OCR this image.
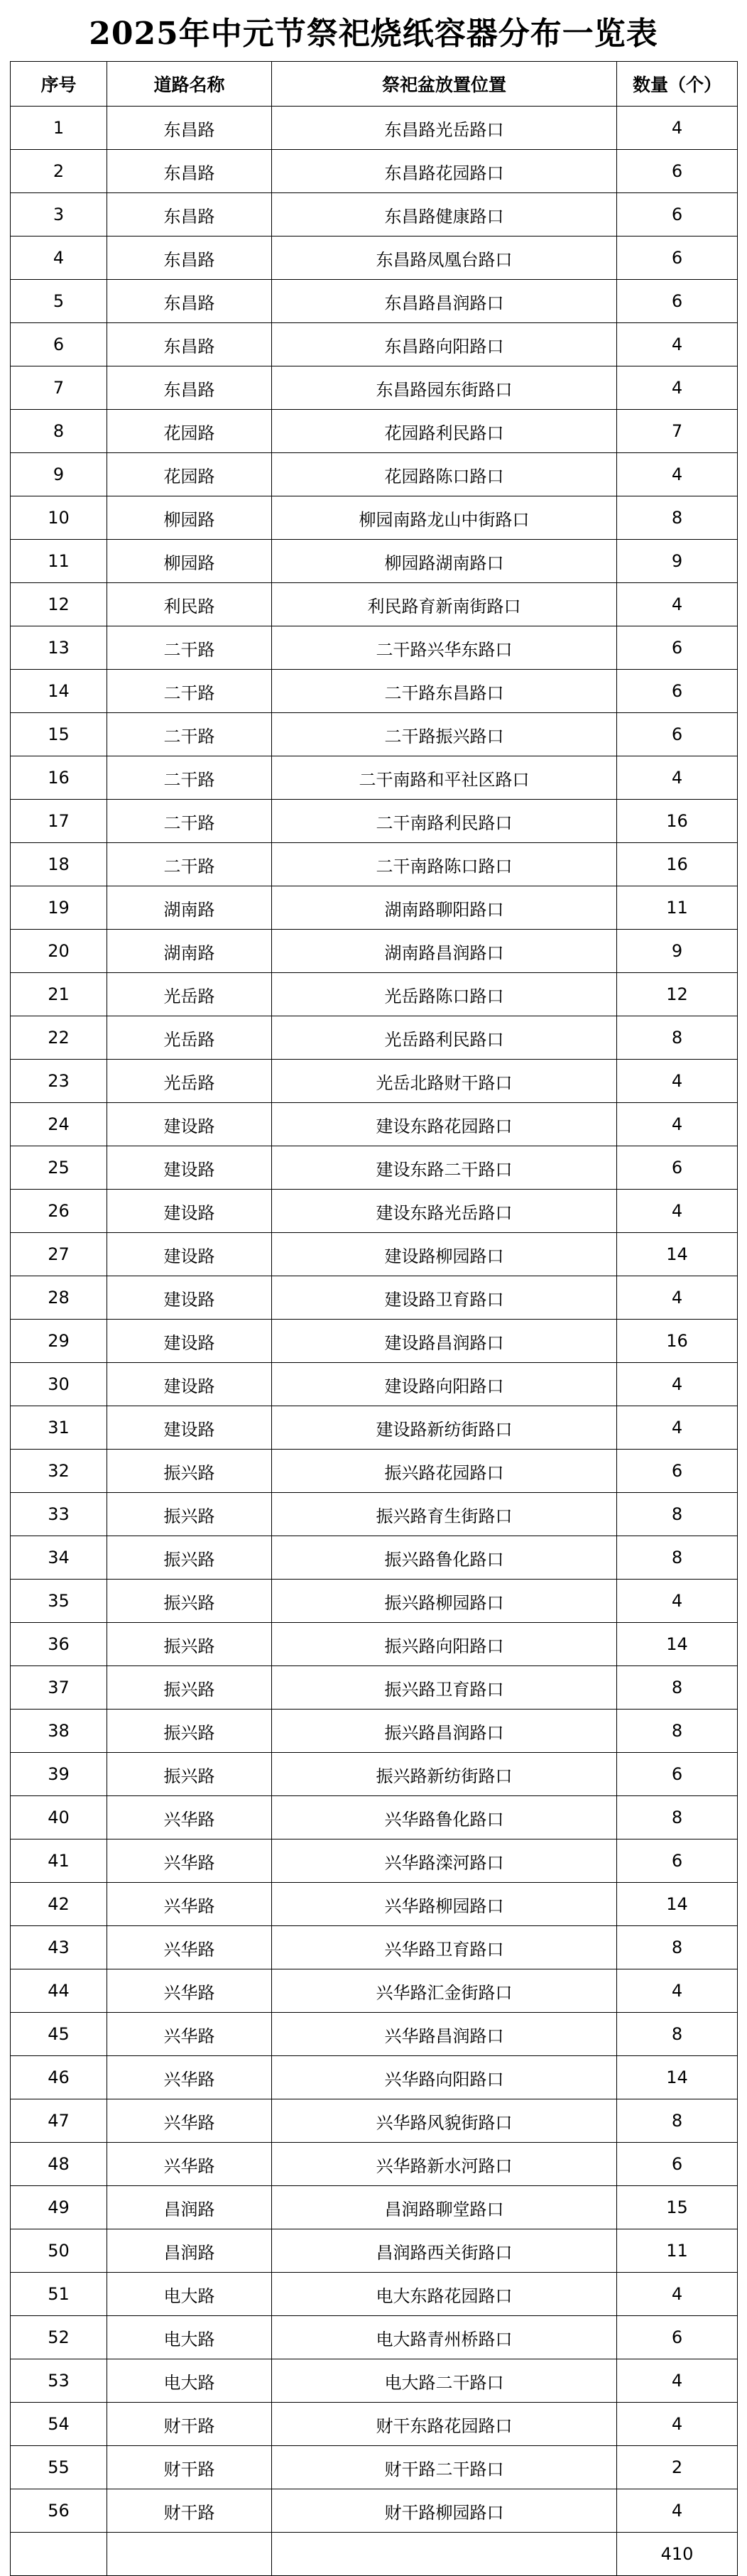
2025年中元节祭祀烧纸容器分布一览表
序号	道路名称	祭祀盆放置位置	数量（个）
1	东昌路	东昌路光岳路口	4
2	东昌路	东昌路花园路口	6
3	东昌路	东昌路健康路口	6
4	东昌路	东昌路凤凰台路口	6
5	东昌路	东昌路昌润路口	6
6	东昌路	东昌路向阳路口	4
7	东昌路	东昌路园东街路口	4
8	花园路	花园路利民路口	7
9	花园路	花园路陈口路口	4
10	柳园路	柳园南路龙山中街路口	8
11	柳园路	柳园路湖南路口	9
12	利民路	利民路育新南街路口	4
13	二干路	二干路兴华东路口	6
14	二干路	二干路东昌路口	6
15	二干路	二干路振兴路口	6
16	二干路	二干南路和平社区路口	4
17	二干路	二干南路利民路口	16
18	二干路	二干南路陈口路口	16
19	湖南路	湖南路聊阳路口	11
20	湖南路	湖南路昌润路口	9
21	光岳路	光岳路陈口路口	12
22	光岳路	光岳路利民路口	8
23	光岳路	光岳北路财干路口	4
24	建设路	建设东路花园路口	4
25	建设路	建设东路二干路口	6
26	建设路	建设东路光岳路口	4
27	建设路	建设路柳园路口	14
28	建设路	建设路卫育路口	4
29	建设路	建设路昌润路口	16
30	建设路	建设路向阳路口	4
31	建设路	建设路新纺街路口	4
32	振兴路	振兴路花园路口	6
33	振兴路	振兴路育生街路口	8
34	振兴路	振兴路鲁化路口	8
35	振兴路	振兴路柳园路口	4
36	振兴路	振兴路向阳路口	14
37	振兴路	振兴路卫育路口	8
38	振兴路	振兴路昌润路口	8
39	振兴路	振兴路新纺街路口	6
40	兴华路	兴华路鲁化路口	8
41	兴华路	兴华路滦河路口	6
42	兴华路	兴华路柳园路口	14
43	兴华路	兴华路卫育路口	8
44	兴华路	兴华路汇金街路口	4
45	兴华路	兴华路昌润路口	8
46	兴华路	兴华路向阳路口	14
47	兴华路	兴华路风貌街路口	8
48	兴华路	兴华路新水河路口	6
49	昌润路	昌润路聊堂路口	15
50	昌润路	昌润路西关街路口	11
51	电大路	电大东路花园路口	4
52	电大路	电大路青州桥路口	6
53	电大路	电大路二干路口	4
54	财干路	财干东路花园路口	4
55	财干路	财干路二干路口	2
56	财干路	财干路柳园路口	4
			410
